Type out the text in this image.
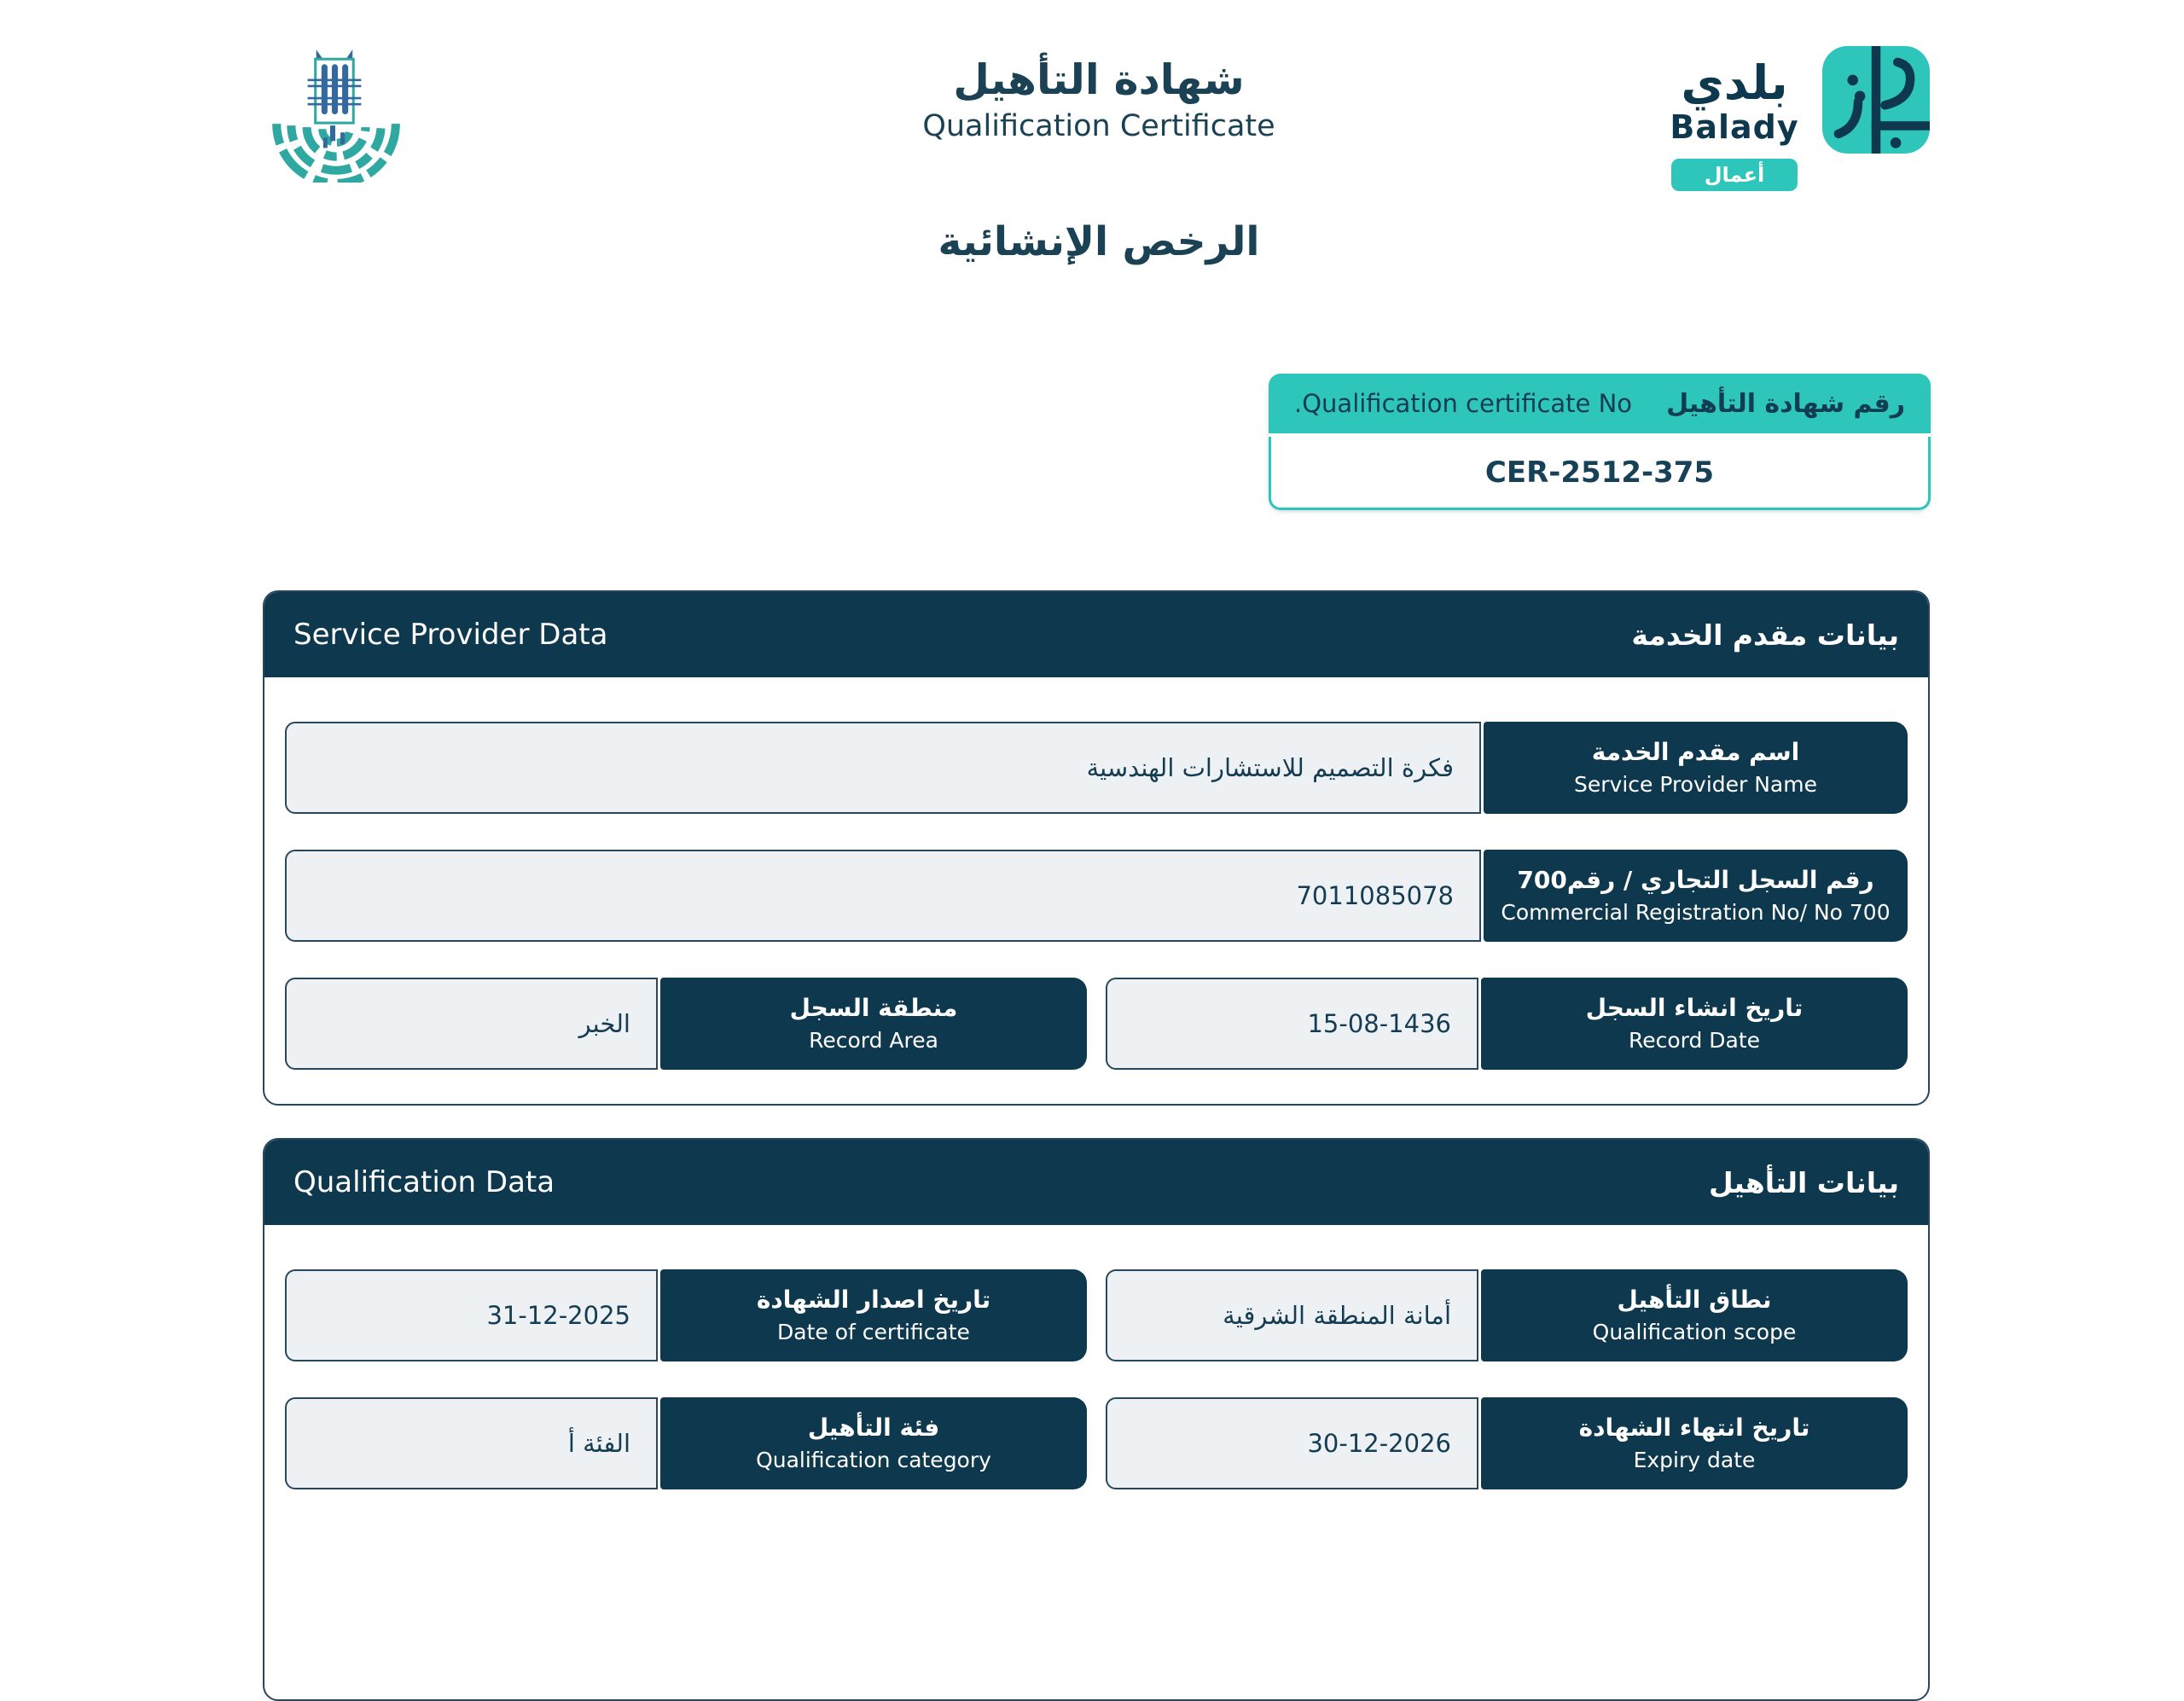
شهادة التأهيل
Qualification Certificate
الرخص الإنشائية
بلدي
Balady
أعمال
.Qualification certificate No رقم شهادة التأهيل
CER-2512-375
Service Provider Data	بيانات مقدم الخدمة
اسم مقدم الخدمة
Service Provider Name
فكرة التصميم للاستشارات الهندسية
رقم السجل التجاري / رقم700
Commercial Registration No/ No 700
7011085078
تاريخ انشاء السجل
Record Date
15-08-1436
منطقة السجل
Record Area
الخبر
Qualification Data	بيانات التأهيل
نطاق التأهيل
Qualification scope
أمانة المنطقة الشرقية
تاريخ اصدار الشهادة
Date of certificate
31-12-2025
تاريخ انتهاء الشهادة
Expiry date
30-12-2026
فئة التأهيل
Qualification category
الفئة أ
